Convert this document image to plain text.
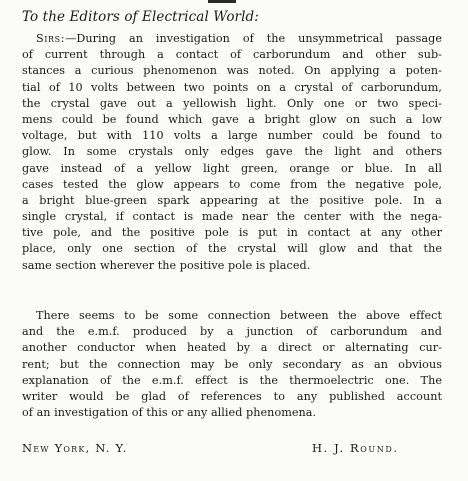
To the Editors of Electrical World:
Sirs:—During an investigation of the unsymmetrical passage
of current through a contact of carborundum and other sub-
stances a curious phenomenon was noted. On applying a poten-
tial of 10 volts between two points on a crystal of carborundum,
the crystal gave out a yellowish light. Only one or two speci-
mens could be found which gave a bright glow on such a low
voltage, but with 110 volts a large number could be found to
glow. In some crystals only edges gave the light and others
gave instead of a yellow light green, orange or blue. In all
cases tested the glow appears to come from the negative pole,
a bright blue-green spark appearing at the positive pole. In a
single crystal, if contact is made near the center with the nega-
tive pole, and the positive pole is put in contact at any other
place, only one section of the crystal will glow and that the
same section wherever the positive pole is placed.
There seems to be some connection between the above effect
and the e.m.f. produced by a junction of carborundum and
another conductor when heated by a direct or alternating cur-
rent; but the connection may be only secondary as an obvious
explanation of the e.m.f. effect is the thermoelectric one. The
writer would be glad of references to any published account
of an investigation of this or any allied phenomena.
New York, N. Y.	H. J. Round.
